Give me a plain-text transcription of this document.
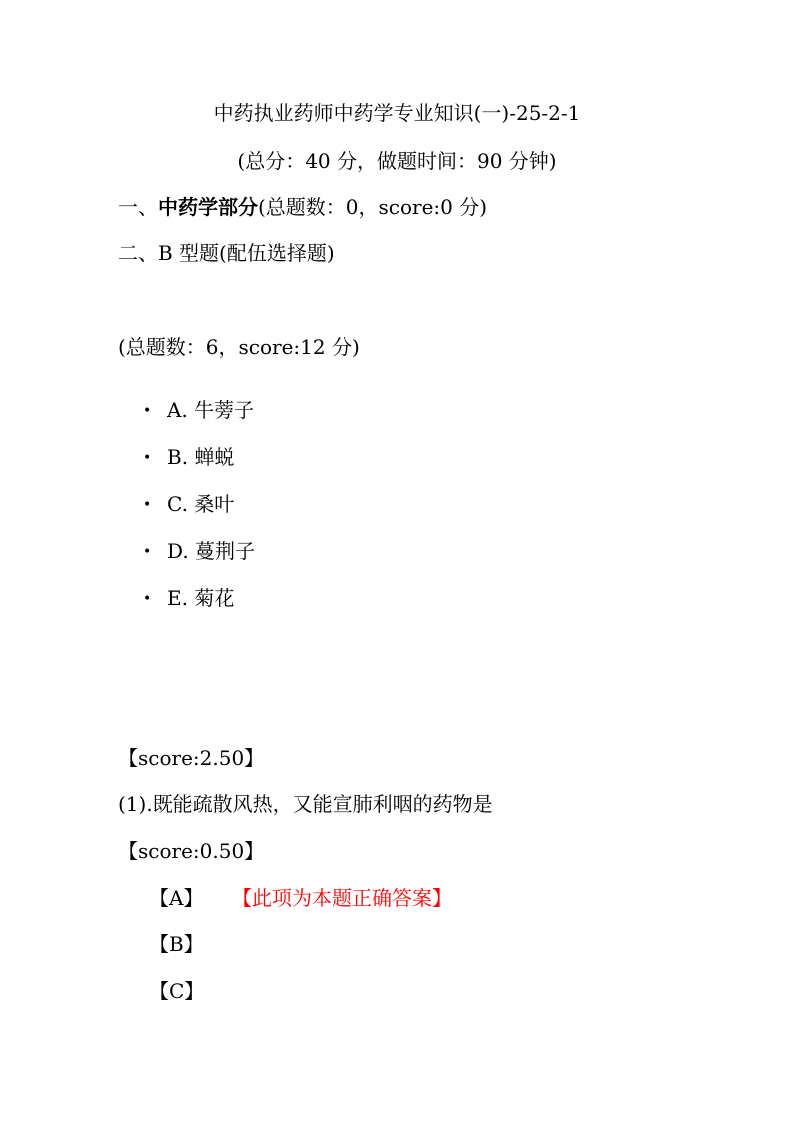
中药执业药师中药学专业知识(一)-25-2-1
(总分：40 分，做题时间：90 分钟)
一、中药学部分(总题数：0，score:0 分)
二、B 型题(配伍选择题)
(总题数：6，score:12 分)
• A. 牛蒡子
• B. 蝉蜕
• C. 桑叶
• D. 蔓荆子
• E. 菊花
【score:2.50】
(1).既能疏散风热，又能宣肺利咽的药物是
【score:0.50】
【A】 【此项为本题正确答案】
【B】
【C】
